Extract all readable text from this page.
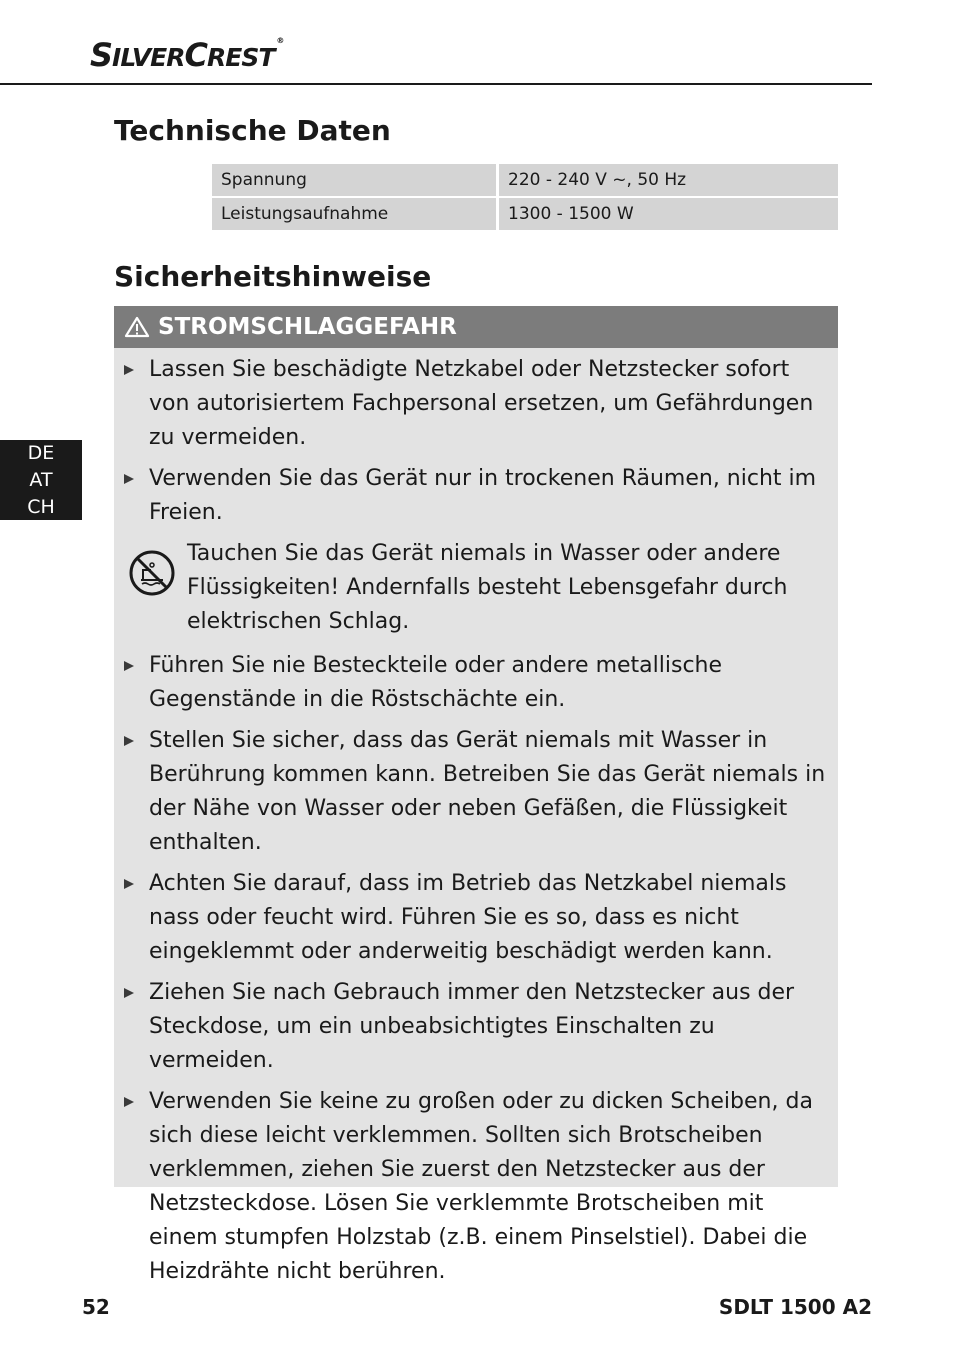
SILVERCREST®
Technische Daten
Spannung	220 - 240 V ~, 50 Hz
Leistungsaufnahme	1300 - 1500 W
Sicherheitshinweise
STROMSCHLAGGEFAHR
Lassen Sie beschädigte Netzkabel oder Netzstecker sofort von autorisiertem Fachpersonal ersetzen, um Gefährdungen zu vermeiden.
Verwenden Sie das Gerät nur in trockenen Räumen, nicht im Freien.
Tauchen Sie das Gerät niemals in Wasser oder andere Flüssigkeiten! Andernfalls besteht Lebensgefahr durch elektrischen Schlag.
Führen Sie nie Besteckteile oder andere metallische Gegenstände in die Röstschächte ein.
Stellen Sie sicher, dass das Gerät niemals mit Wasser in Berührung kommen kann. Betreiben Sie das Gerät niemals in der Nähe von Wasser oder neben Gefäßen, die Flüssigkeit enthalten.
Achten Sie darauf, dass im Betrieb das Netzkabel niemals nass oder feucht wird. Führen Sie es so, dass es nicht eingeklemmt oder anderweitig beschädigt werden kann.
Ziehen Sie nach Gebrauch immer den Netzstecker aus der Steckdose, um ein unbeabsichtigtes Einschalten zu vermeiden.
Verwenden Sie keine zu großen oder zu dicken Scheiben, da sich diese leicht verklemmen. Sollten sich Brotscheiben verklemmen, ziehen Sie zuerst den Netzstecker aus der Netzsteckdose. Lösen Sie verklemmte Brotscheiben mit einem stumpfen Holzstab (z.B. einem Pinselstiel). Dabei die Heizdrähte nicht berühren.
DE
AT
CH
52	SDLT 1500 A2
